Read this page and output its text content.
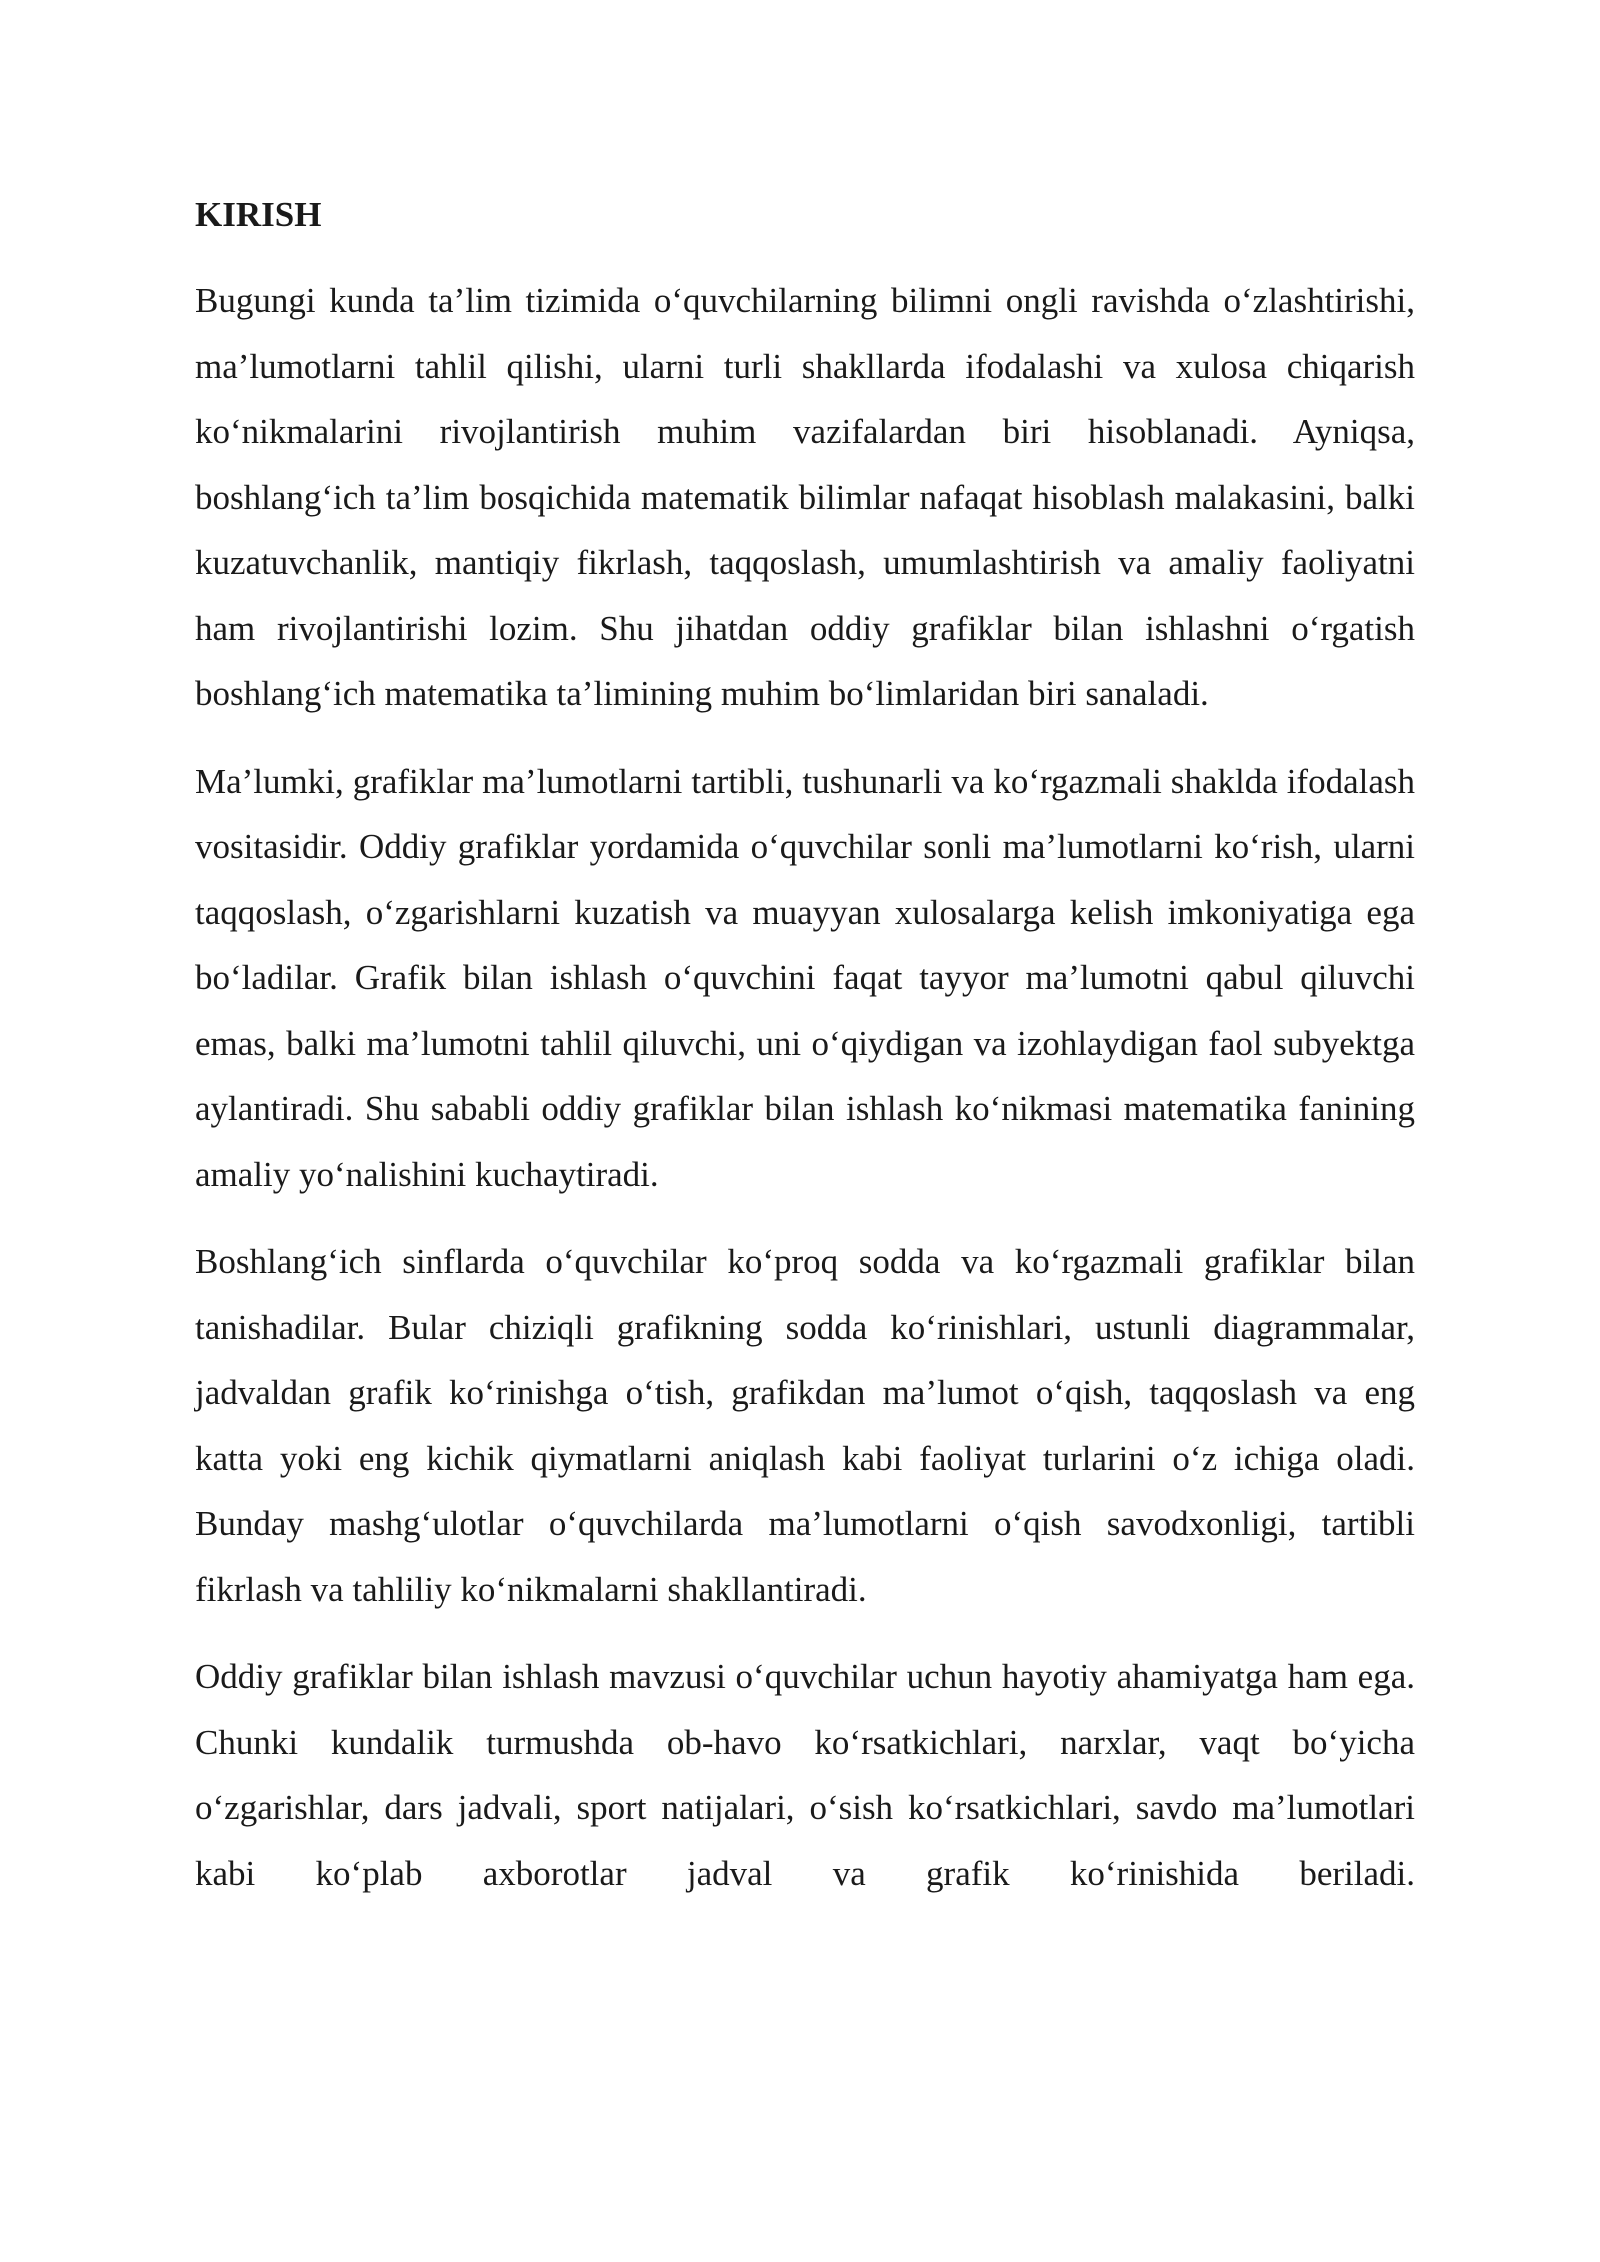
KIRISH

Bugungi kunda ta’lim tizimida o‘quvchilarning bilimni ongli ravishda o‘zlashtirishi, ma’lumotlarni tahlil qilishi, ularni turli shakllarda ifodalashi va xulosa chiqarish ko‘nikmalarini rivojlantirish muhim vazifalardan biri hisoblanadi. Ayniqsa, boshlang‘ich ta’lim bosqichida matematik bilimlar nafaqat hisoblash malakasini, balki kuzatuvchanlik, mantiqiy fikrlash, taqqoslash, umumlashtirish va amaliy faoliyatni ham rivojlantirishi lozim. Shu jihatdan oddiy grafiklar bilan ishlashni o‘rgatish boshlang‘ich matematika ta’limining muhim bo‘limlaridan biri sanaladi.

Ma’lumki, grafiklar ma’lumotlarni tartibli, tushunarli va ko‘rgazmali shaklda ifodalash vositasidir. Oddiy grafiklar yordamida o‘quvchilar sonli ma’lumotlarni ko‘rish, ularni taqqoslash, o‘zgarishlarni kuzatish va muayyan xulosalarga kelish imkoniyatiga ega bo‘ladilar. Grafik bilan ishlash o‘quvchini faqat tayyor ma’lumotni qabul qiluvchi emas, balki ma’lumotni tahlil qiluvchi, uni o‘qiydigan va izohlaydigan faol subyektga aylantiradi. Shu sababli oddiy grafiklar bilan ishlash ko‘nikmasi matematika fanining amaliy yo‘nalishini kuchaytiradi.

Boshlang‘ich sinflarda o‘quvchilar ko‘proq sodda va ko‘rgazmali grafiklar bilan tanishadilar. Bular chiziqli grafikning sodda ko‘rinishlari, ustunli diagrammalar, jadvaldan grafik ko‘rinishga o‘tish, grafikdan ma’lumot o‘qish, taqqoslash va eng katta yoki eng kichik qiymatlarni aniqlash kabi faoliyat turlarini o‘z ichiga oladi. Bunday mashg‘ulotlar o‘quvchilarda ma’lumotlarni o‘qish savodxonligi, tartibli fikrlash va tahliliy ko‘nikmalarni shakllantiradi.

Oddiy grafiklar bilan ishlash mavzusi o‘quvchilar uchun hayotiy ahamiyatga ham ega. Chunki kundalik turmushda ob-havo ko‘rsatkichlari, narxlar, vaqt bo‘yicha o‘zgarishlar, dars jadvali, sport natijalari, o‘sish ko‘rsatkichlari, savdo ma’lumotlari kabi ko‘plab axborotlar jadval va grafik ko‘rinishida beriladi.
